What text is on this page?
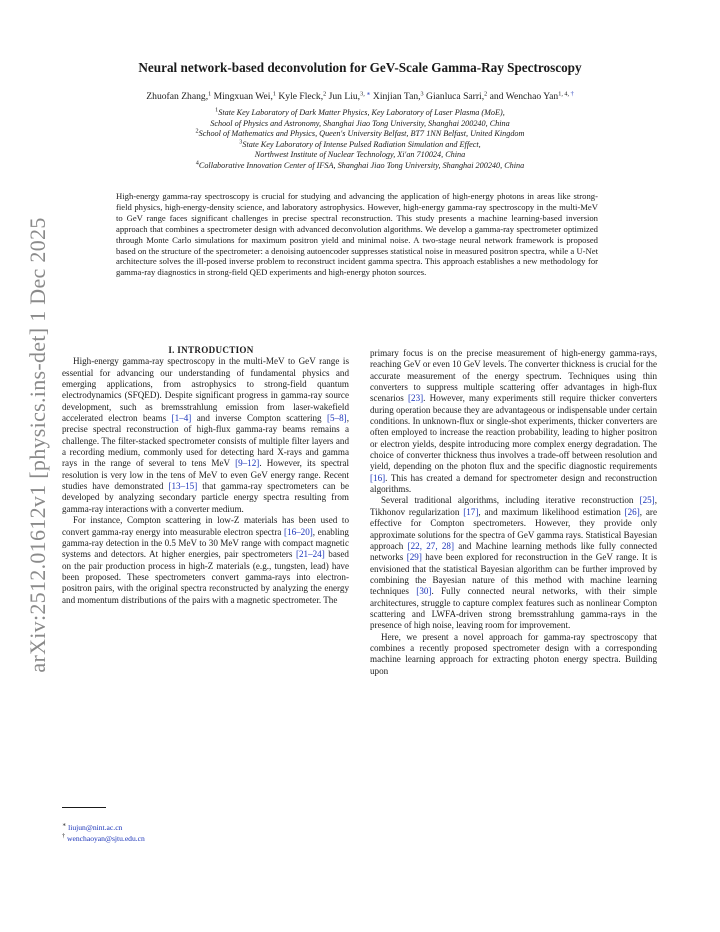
arXiv:2512.01612v1 [physics.ins-det] 1 Dec 2025
Neural network-based deconvolution for GeV-Scale Gamma-Ray Spectroscopy
Zhuofan Zhang,$^1$ Mingxuan Wei,$^1$ Kyle Fleck,$^2$ Jun Liu,$^{3, ∗}$ Xinjian Tan,$^3$ Gianluca Sarri,$^2$ and Wenchao Yan$^{1, 4, \dagger}$
$^1$State Key Laboratory of Dark Matter Physics, Key Laboratory of Laser Plasma (MoE),
School of Physics and Astronomy, Shanghai Jiao Tong University, Shanghai 200240, China
$^2$School of Mathematics and Physics, Queen's University Belfast, BT7 1NN Belfast, United Kingdom
$^3$State Key Laboratory of Intense Pulsed Radiation Simulation and Effect,
Northwest Institute of Nuclear Technology, Xi'an 710024, China
$^4$Collaborative Innovation Center of IFSA, Shanghai Jiao Tong University, Shanghai 200240, China
High-energy gamma-ray spectroscopy is crucial for studying and advancing the application of high-energy photons in areas like strong-field physics, high-energy-density science, and laboratory astrophysics. However, high-energy gamma-ray spectroscopy in the multi-MeV to GeV range faces significant challenges in precise spectral reconstruction. This study presents a machine learning-based inversion approach that combines a spectrometer design with advanced deconvolution algorithms. We develop a gamma-ray spectrometer optimized through Monte Carlo simulations for maximum positron yield and minimal noise. A two-stage neural network framework is proposed based on the structure of the spectrometer: a denoising autoencoder suppresses statistical noise in measured positron spectra, while a U-Net architecture solves the ill-posed inverse problem to reconstruct incident gamma spectra. This approach establishes a new methodology for gamma-ray diagnostics in strong-field QED experiments and high-energy photon sources.

I. INTRODUCTION

High-energy gamma-ray spectroscopy in the multi-MeV to GeV range is essential for advancing our understanding of fundamental physics and emerging applications, from astrophysics to strong-field quantum electrodynamics (SFQED). Despite significant progress in gamma-ray source development, such as bremsstrahlung emission from laser-wakefield accelerated electron beams [1–4] and inverse Compton scattering [5–8], precise spectral reconstruction of high-flux gamma-ray beams remains a challenge. The filter-stacked spectrometer consists of multiple filter layers and a recording medium, commonly used for detecting hard X-rays and gamma rays in the range of several to tens MeV [9–12]. However, its spectral resolution is very low in the tens of MeV to even GeV energy range. Recent studies have demonstrated [13–15] that gamma-ray spectrometers can be developed by analyzing secondary particle energy spectra resulting from gamma-ray interactions with a converter medium.

For instance, Compton scattering in low-Z materials has been used to convert gamma-ray energy into measurable electron spectra [16–20], enabling gamma-ray detection in the 0.5 MeV to 30 MeV range with compact magnetic systems and detectors. At higher energies, pair spectrometers [21–24] based on the pair production process in high-Z materials (e.g., tungsten, lead) have been proposed. These spectrometers convert gamma-rays into electron-positron pairs, with the original spectra reconstructed by analyzing the energy and momentum distributions of the pairs with a magnetic spectrometer. The

∗ liujun@nint.ac.cn
† wenchaoyan@sjtu.edu.cn

primary focus is on the precise measurement of high-energy gamma-rays, reaching GeV or even 10 GeV levels. The converter thickness is crucial for the accurate measurement of the energy spectrum. Techniques using thin converters to suppress multiple scattering offer advantages in high-flux scenarios [23]. However, many experiments still require thicker converters during operation because they are advantageous or indispensable under certain conditions. In unknown-flux or single-shot experiments, thicker converters are often employed to increase the reaction probability, leading to higher positron or electron yields, despite introducing more complex energy degradation. The choice of converter thickness thus involves a trade-off between resolution and yield, depending on the photon flux and the specific diagnostic requirements [16]. This has created a demand for spectrometer design and reconstruction algorithms.

Several traditional algorithms, including iterative reconstruction [25], Tikhonov regularization [17], and maximum likelihood estimation [26], are effective for Compton spectrometers. However, they provide only approximate solutions for the spectra of GeV gamma rays. Statistical Bayesian approach [22, 27, 28] and Machine learning methods like fully connected networks [29] have been explored for reconstruction in the GeV range. It is envisioned that the statistical Bayesian algorithm can be further improved by combining the Bayesian nature of this method with machine learning techniques [30]. Fully connected neural networks, with their simple architectures, struggle to capture complex features such as nonlinear Compton scattering and LWFA-driven strong bremsstrahlung gamma-rays in the presence of high noise, leaving room for improvement.

Here, we present a novel approach for gamma-ray spectroscopy that combines a recently proposed spectrometer design with a corresponding machine learning approach for extracting photon energy spectra. Building upon
